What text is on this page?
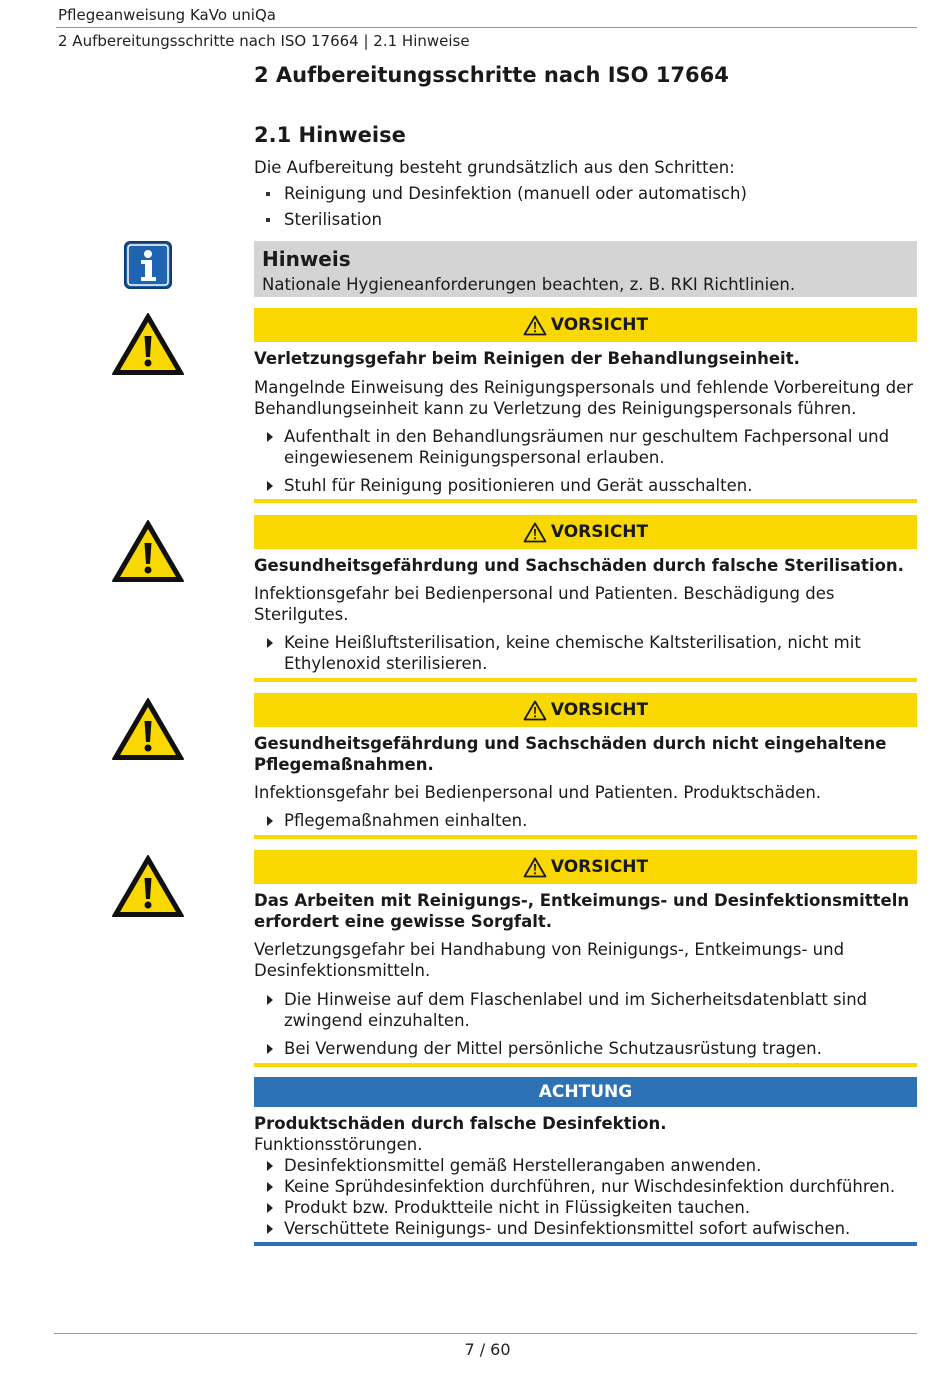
Pflegeanweisung KaVo uniQa
2 Aufbereitungsschritte nach ISO 17664 | 2.1 Hinweise
2 Aufbereitungsschritte nach ISO 17664
2.1 Hinweise
Die Aufbereitung besteht grundsätzlich aus den Schritten:
Reinigung und Desinfektion (manuell oder automatisch)
Sterilisation
Hinweis
Nationale Hygieneanforderungen beachten, z. B. RKI Richtlinien.
VORSICHT
Verletzungsgefahr beim Reinigen der Behandlungseinheit.
Mangelnde Einweisung des Reinigungspersonals und fehlende Vorbereitung der Behandlungseinheit kann zu Verletzung des Reinigungspersonals führen.
Aufenthalt in den Behandlungsräumen nur geschultem Fachpersonal und eingewiesenem Reinigungspersonal erlauben.
Stuhl für Reinigung positionieren und Gerät ausschalten.
VORSICHT
Gesundheitsgefährdung und Sachschäden durch falsche Sterilisation.
Infektionsgefahr bei Bedienpersonal und Patienten. Beschädigung des Sterilgutes.
Keine Heißluftsterilisation, keine chemische Kaltsterilisation, nicht mit Ethylenoxid sterilisieren.
VORSICHT
Gesundheitsgefährdung und Sachschäden durch nicht eingehaltene Pflegemaßnahmen.
Infektionsgefahr bei Bedienpersonal und Patienten. Produktschäden.
Pflegemaßnahmen einhalten.
VORSICHT
Das Arbeiten mit Reinigungs-, Entkeimungs- und Desinfektionsmitteln erfordert eine gewisse Sorgfalt.
Verletzungsgefahr bei Handhabung von Reinigungs-, Entkeimungs- und Desinfektionsmitteln.
Die Hinweise auf dem Flaschenlabel und im Sicherheitsdatenblatt sind zwingend einzuhalten.
Bei Verwendung der Mittel persönliche Schutzausrüstung tragen.
ACHTUNG
Produktschäden durch falsche Desinfektion.
Funktionsstörungen.
Desinfektionsmittel gemäß Herstellerangaben anwenden.
Keine Sprühdesinfektion durchführen, nur Wischdesinfektion durchführen.
Produkt bzw. Produktteile nicht in Flüssigkeiten tauchen.
Verschüttete Reinigungs- und Desinfektionsmittel sofort aufwischen.
7 / 60
